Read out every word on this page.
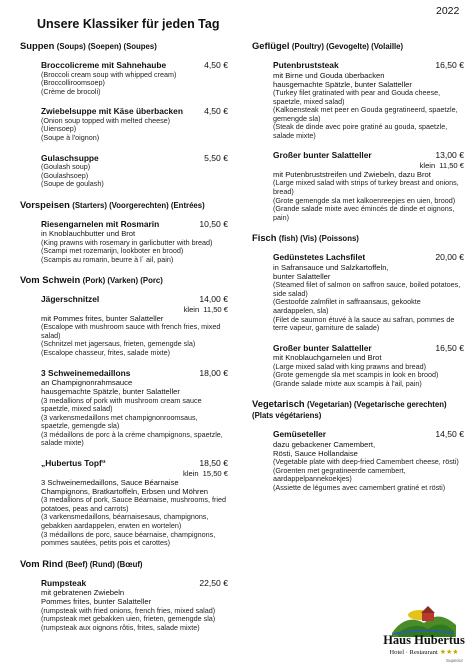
2022
Unsere Klassiker für jeden Tag
Suppen (Soups) (Soepen) (Soupes)
Broccolicreme mit Sahnehaube	4,50 €
(Broccoli cream soup with whipped cream)
(Broccolliroomsoep)
(Crème de brocoli)
Zwiebelsuppe mit Käse überbacken 4,50 €
(Onion soup topped with melted cheese)
(Uiensoep)
(Soupe à l'oignon)
Gulaschsuppe	5,50 €
(Goulash soup)
(Goulashsoep)
(Soupe de goulash)
Vorspeisen (Starters) (Voorgerechten) (Entrées)
Riesengarnelen mit Rosmarin	10,50 €
in Knoblauchbutter und Brot
(King prawns with rosemary in garlicbutter with bread)
(Scampi met rozemarijn, lookboter en brood)
(Scampis au romarin, beurre à l´ ail, pain)
Vom Schwein (Pork) (Varken) (Porc)
Jägerschnitzel	14,00 €
klein 11,50 €
mit Pommes frites, bunter Salatteller
(Escalope with mushroom sauce with french fries, mixed salad)
(Schnitzel met jagersaus, frieten, gemengde sla)
(Escalope chasseur, frites, salade mixte)
3 Schweinemedaillons	18,00 €
an Champignonrahmsauce
hausgemachte Spätzle, bunter Salatteller
(3 medallions of pork with mushroom cream sauce spaetzle, mixed salad)
(3 varkensmedaillons met champignonroomsaus, spaetzle, gemengde sla)
(3 médaillons de porc à la crème champignons, spaetzle, salade mixte)
„Hubertus Topf“	18,50 €
klein 15,50 €
3 Schweinemedaillons, Sauce Béarnaise
Champignons, Bratkartoffeln, Erbsen und Möhren
(3 medallions of pork, Sauce Béarnaise, mushrooms, fried potatoes, peas and carrots)
(3 varkensmedaillons, béarnaisesaus, champignons, gebakken aardappelen, erwten en wortelen)
(3 médaillons de porc, sauce béarnaise, champignons, pommes sautées, petits pois et carottes)
Vom Rind (Beef) (Rund) (Bœuf)
Rumpsteak	22,50 €
mit gebratenen Zwiebeln
Pommes frites, bunter Salatteller
(rumpsteak with fried onions, french fries, mixed salad)
(rumpsteak met gebakken uien, frieten, gemengde sla)
(rumpsteak aux oignons rôtis, frites, salade mixte)
Geflügel (Poultry) (Gevogelte) (Volaille)
Putenbruststeak	16,50 €
mit Birne und Gouda überbacken
hausgemachte Spätzle, bunter Salatteller
(Turkey filet gratinated with pear and Gouda cheese, spaetzle, mixed salad)
(Kalkoensteak met peer en Gouda gegratineerd, spaetzle, gemengde sla)
(Steak de dinde avec poire gratiné au gouda, spaetzle, salade mixte)
Großer bunter Salatteller	13,00 €
klein 11,50 €
mit Putenbruststreifen und Zwiebeln, dazu Brot
(Large mixed salad with strips of turkey breast and onions, bread)
(Grote gemengde sla met kalkoenreepjes en uien, brood)
(Grande salade mixte avec émincés de dinde et oignons, pain)
Fisch (fish) (Vis) (Poissons)
Gedünstetes Lachsfilet	20,00 €
in Safransauce und Salzkartoffeln,
bunter Salatteller
(Steamed filet of salmon on saffron sauce, boiled potatoes, side salad)
(Gestoofde zalmfilet in saffraansaus, gekookte aardappelen, sla)
(Filet de saumon étuvé à la sauce au safran, pommes de terre vapeur, garniture de salade)
Großer bunter Salatteller	16,50 €
mit Knoblauchgarnelen und Brot
(Large mixed salad with king prawns and bread)
(Grote gemengde sla met scampis in look en brood)
(Grande salade mixte aux scampis à l'ail, pain)
Vegetarisch (Vegetarian) (Vegetarische gerechten) (Plats végétariens)
Gemüseteller	14,50 €
dazu gebackener Camembert,
Rösti, Sauce Hollandaise
(Vegetable plate with deep-fried Camembert cheese, rösti)
(Groenten met gegratineerde camembert, aardappelpannekoekjes)
(Assiette de légumes avec camembert gratiné et rösti)
Haus Hubertus
Hotel · Restaurant ★★★
Superior
